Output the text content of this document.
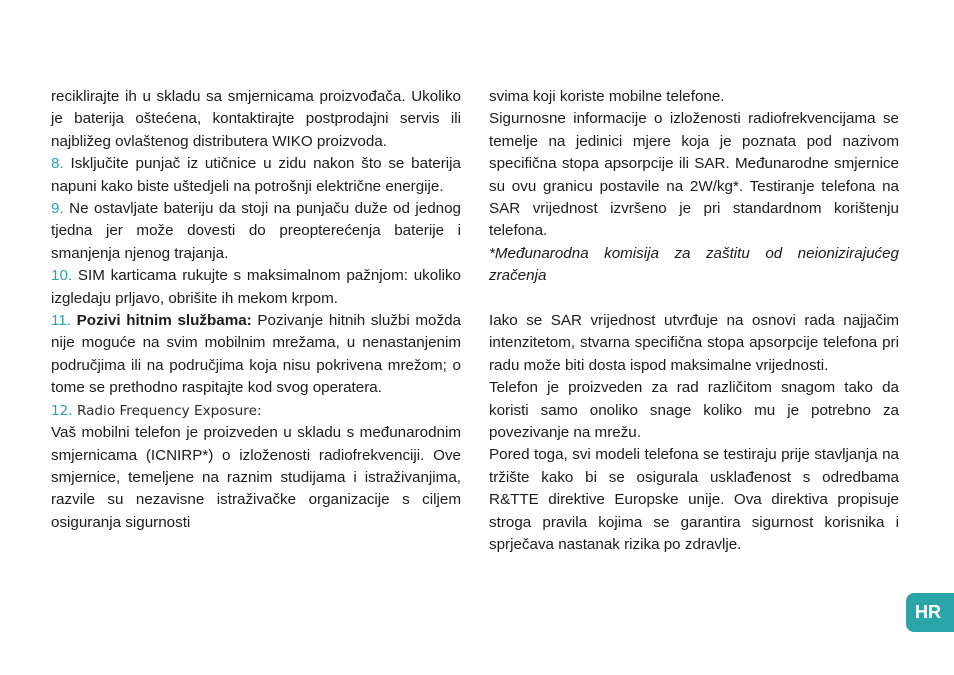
reciklirajte ih u skladu sa smjernicama proizvođača. Ukoliko je baterija oštećena, kontaktirajte postprodajni servis ili najbližeg ovlaštenog distributera WIKO proizvoda.

8. Isključite punjač iz utičnice u zidu nakon što se baterija napuni kako biste uštedjeli na potrošnji električne energije.

9. Ne ostavljate bateriju da stoji na punjaču duže od jednog tjedna jer može dovesti do preopterećenja baterije i smanjenja njenog trajanja.

10. SIM karticama rukujte s maksimalnom pažnjom: ukoliko izgledaju prljavo, obrišite ih mekom krpom.

11. Pozivi hitnim službama: Pozivanje hitnih službi možda nije moguće na svim mobilnim mrežama, u nenastanjenim područjima ili na područjima koja nisu pokrivena mrežom; o tome se prethodno raspitajte kod svog operatera.

12. Radio Frequency Exposure:

Vaš mobilni telefon je proizveden u skladu s međunarodnim smjernicama (ICNIRP*) o izloženosti radiofrekvenciji. Ove smjernice, temeljene na raznim studijama i istraživanjima, razvile su nezavisne istraživačke organizacije s ciljem osiguranja sigurnosti

svima koji koriste mobilne telefone.

Sigurnosne informacije o izloženosti radiofrekvencijama se temelje na jedinici mjere koja je poznata pod nazivom specifična stopa apsorpcije ili SAR. Međunarodne smjernice su ovu granicu postavile na 2W/kg*. Testiranje telefona na SAR vrijednost izvršeno je pri standardnom korištenju telefona.

*Međunarodna komisija za zaštitu od neionizirajućeg zračenja

Iako se SAR vrijednost utvrđuje na osnovi rada najjačim intenzitetom, stvarna specifična stopa apsorpcije telefona pri radu može biti dosta ispod maksimalne vrijednosti.

Telefon je proizveden za rad različitom snagom tako da koristi samo onoliko snage koliko mu je potrebno za povezivanje na mrežu.

Pored toga, svi modeli telefona se testiraju prije stavljanja na tržište kako bi se osigurala usklađenost s odredbama R&TTE direktive Europske unije. Ova direktiva propisuje stroga pravila kojima se garantira sigurnost korisnika i sprječava nastanak rizika po zdravlje.

HR
